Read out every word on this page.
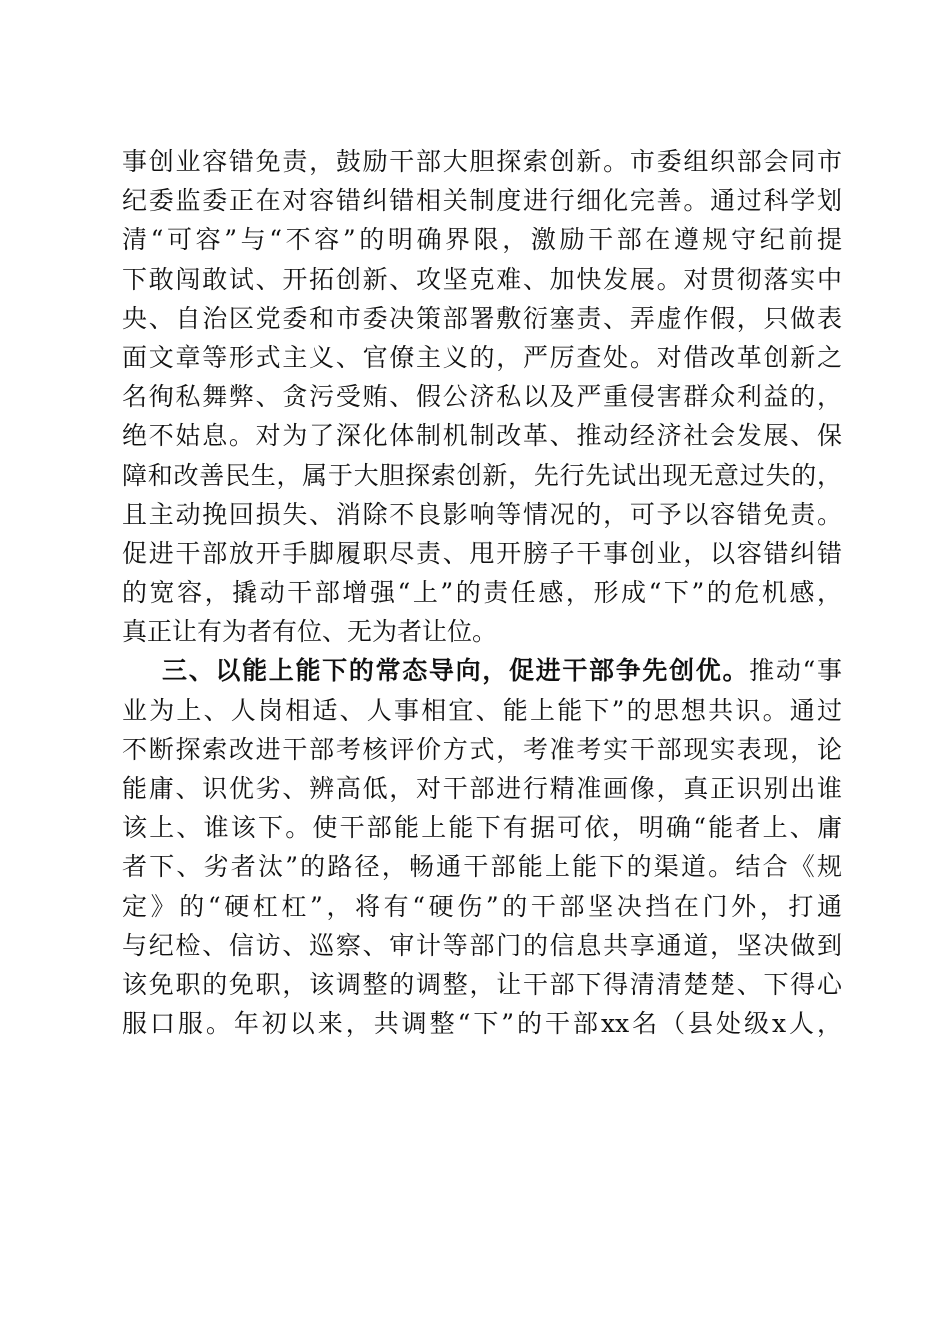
事创业容错免责，鼓励干部大胆探索创新。市委组织部会同市
纪委监委正在对容错纠错相关制度进行细化完善。通过科学划
清“可容”与“不容”的明确界限，激励干部在遵规守纪前提
下敢闯敢试、开拓创新、攻坚克难、加快发展。对贯彻落实中
央、自治区党委和市委决策部署敷衍塞责、弄虚作假，只做表
面文章等形式主义、官僚主义的，严厉查处。对借改革创新之
名徇私舞弊、贪污受贿、假公济私以及严重侵害群众利益的，
绝不姑息。对为了深化体制机制改革、推动经济社会发展、保
障和改善民生，属于大胆探索创新，先行先试出现无意过失的，
且主动挽回损失、消除不良影响等情况的，可予以容错免责。
促进干部放开手脚履职尽责、甩开膀子干事创业，以容错纠错
的宽容，撬动干部增强“上”的责任感，形成“下”的危机感，
真正让有为者有位、无为者让位。
三、以能上能下的常态导向，促进干部争先创优。推动“事
业为上、人岗相适、人事相宜、能上能下”的思想共识。通过
不断探索改进干部考核评价方式，考准考实干部现实表现，论
能庸、识优劣、辨高低，对干部进行精准画像，真正识别出谁
该上、谁该下。使干部能上能下有据可依，明确“能者上、庸
者下、劣者汰”的路径，畅通干部能上能下的渠道。结合《规
定》的“硬杠杠”，将有“硬伤”的干部坚决挡在门外，打通
与纪检、信访、巡察、审计等部门的信息共享通道，坚决做到
该免职的免职，该调整的调整，让干部下得清清楚楚、下得心
服口服。年初以来，共调整“下”的干部xx名（县处级x人，
